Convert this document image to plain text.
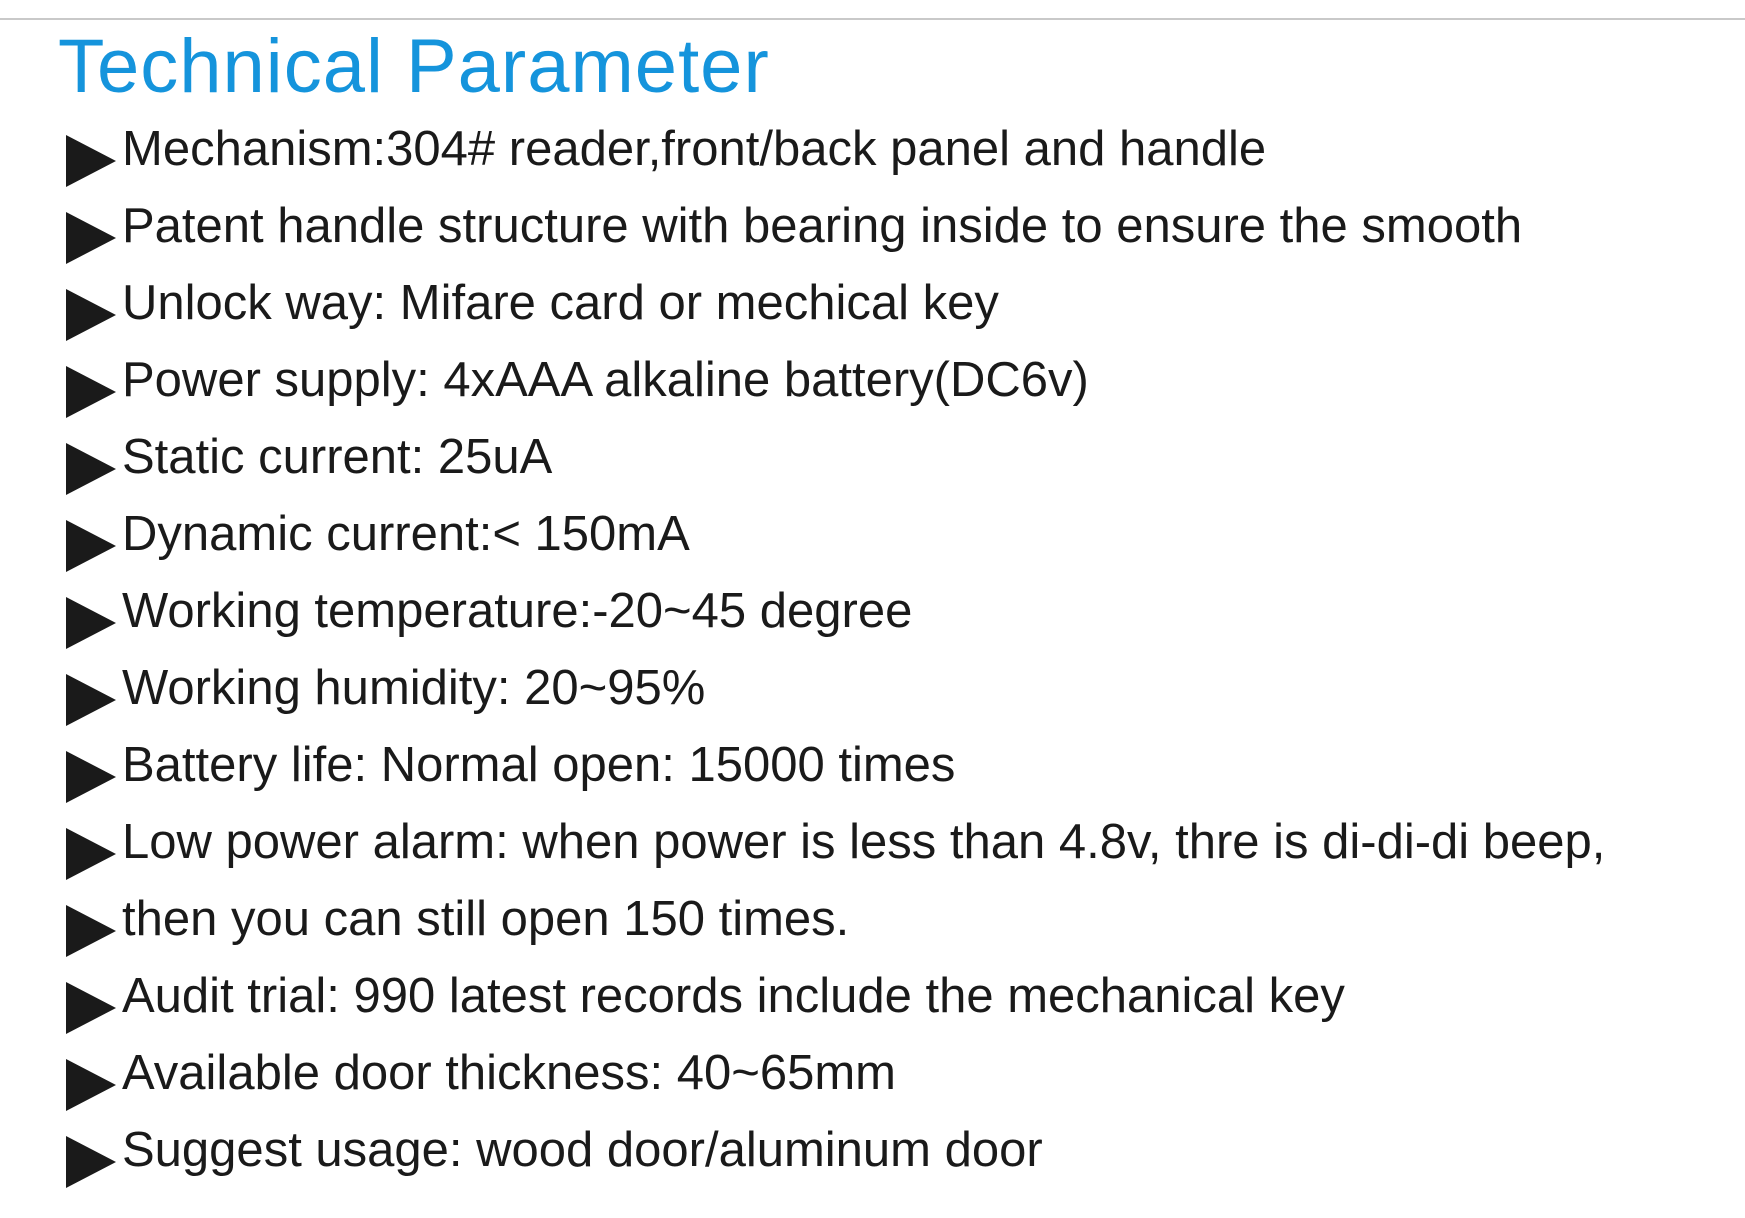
Technical Parameter
Mechanism:304# reader,front/back panel and handle
Patent handle structure with bearing inside to ensure the smooth
Unlock way: Mifare card or mechical key
Power supply: 4xAAA alkaline battery(DC6v)
Static current: 25uA
Dynamic current:< 150mA
Working temperature:-20~45 degree
Working humidity: 20~95%
Battery life: Normal open: 15000 times
Low power alarm: when power is less than 4.8v, thre is di-di-di beep,
then you can still open 150 times.
Audit trial: 990 latest records include the mechanical key
Available door thickness: 40~65mm
Suggest usage: wood door/aluminum door
